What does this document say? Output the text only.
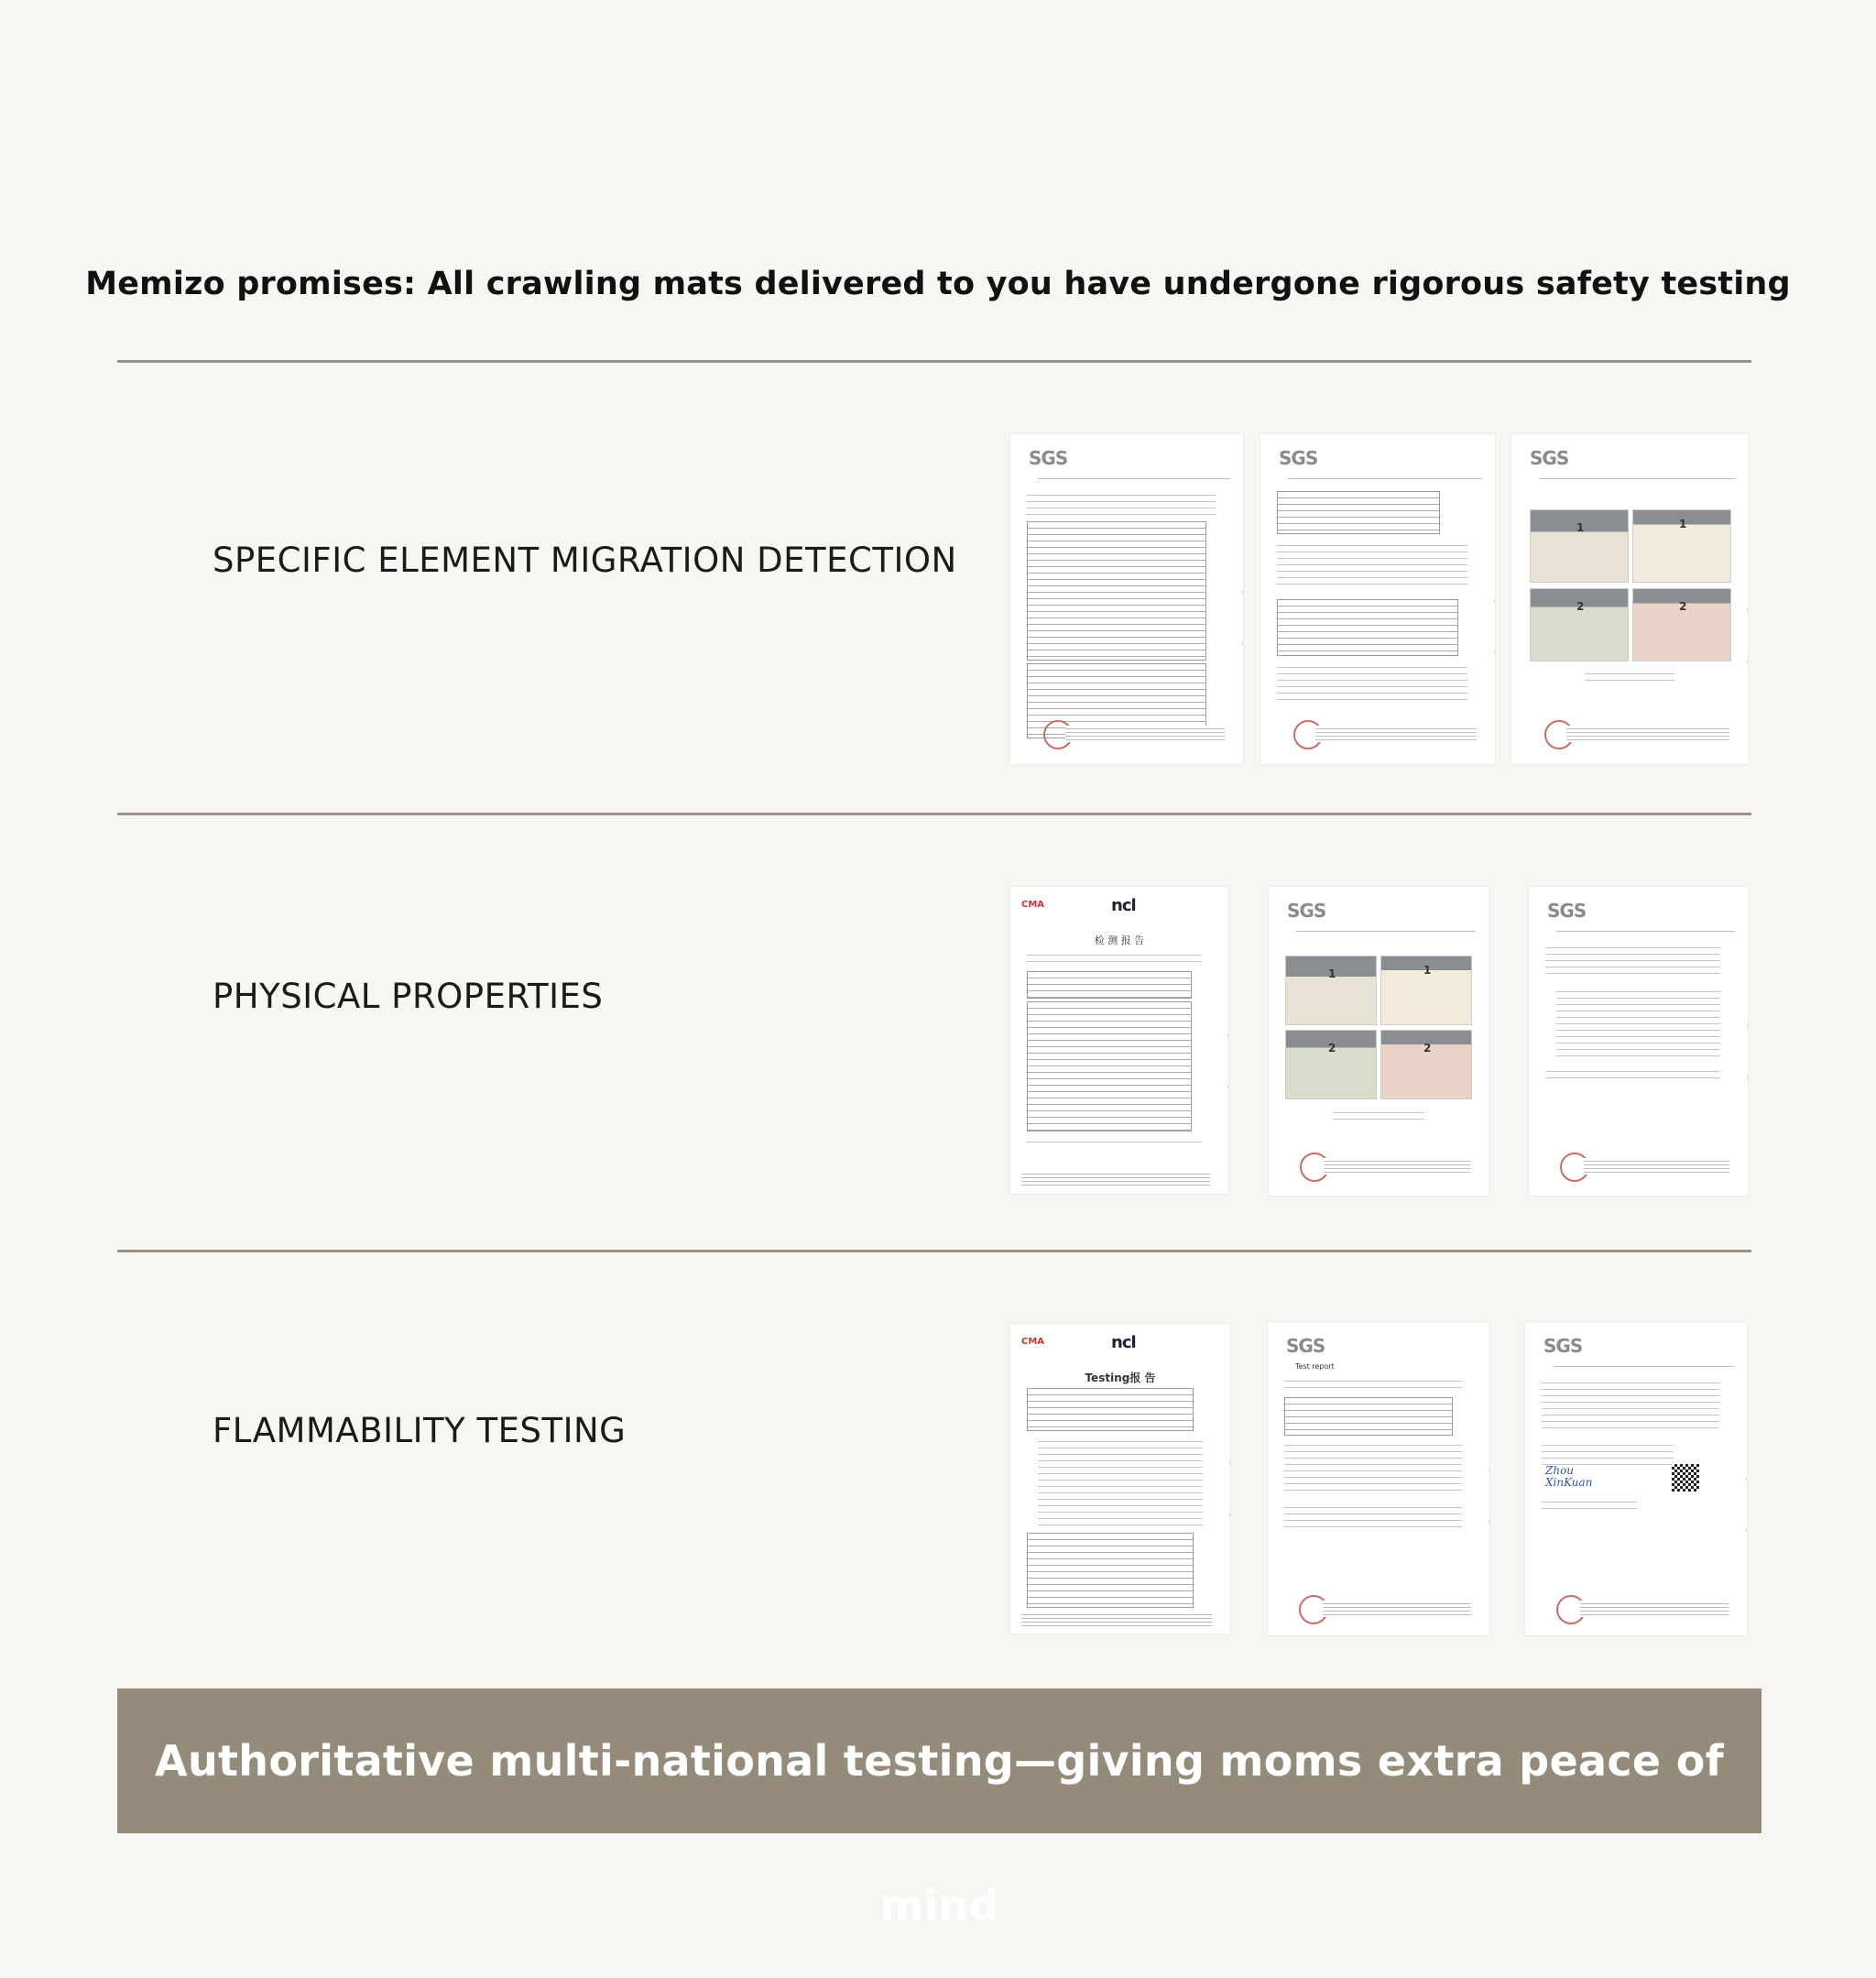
Memizo promises: All crawling mats delivered to you have undergone rigorous safety testing
SPECIFIC ELEMENT MIGRATION DETECTION
PHYSICAL PROPERTIES
FLAMMABILITY TESTING
SGS	SGS	SGS
1	1
2	2
CMA	ncl
检 测 报 告
SGS
1	1
2	2
SGS
CMA	ncl
Testing报 告
SGS
Test report
SGS
Zhou XinKuan
Authoritative multi-national testing—giving moms extra peace of mind
